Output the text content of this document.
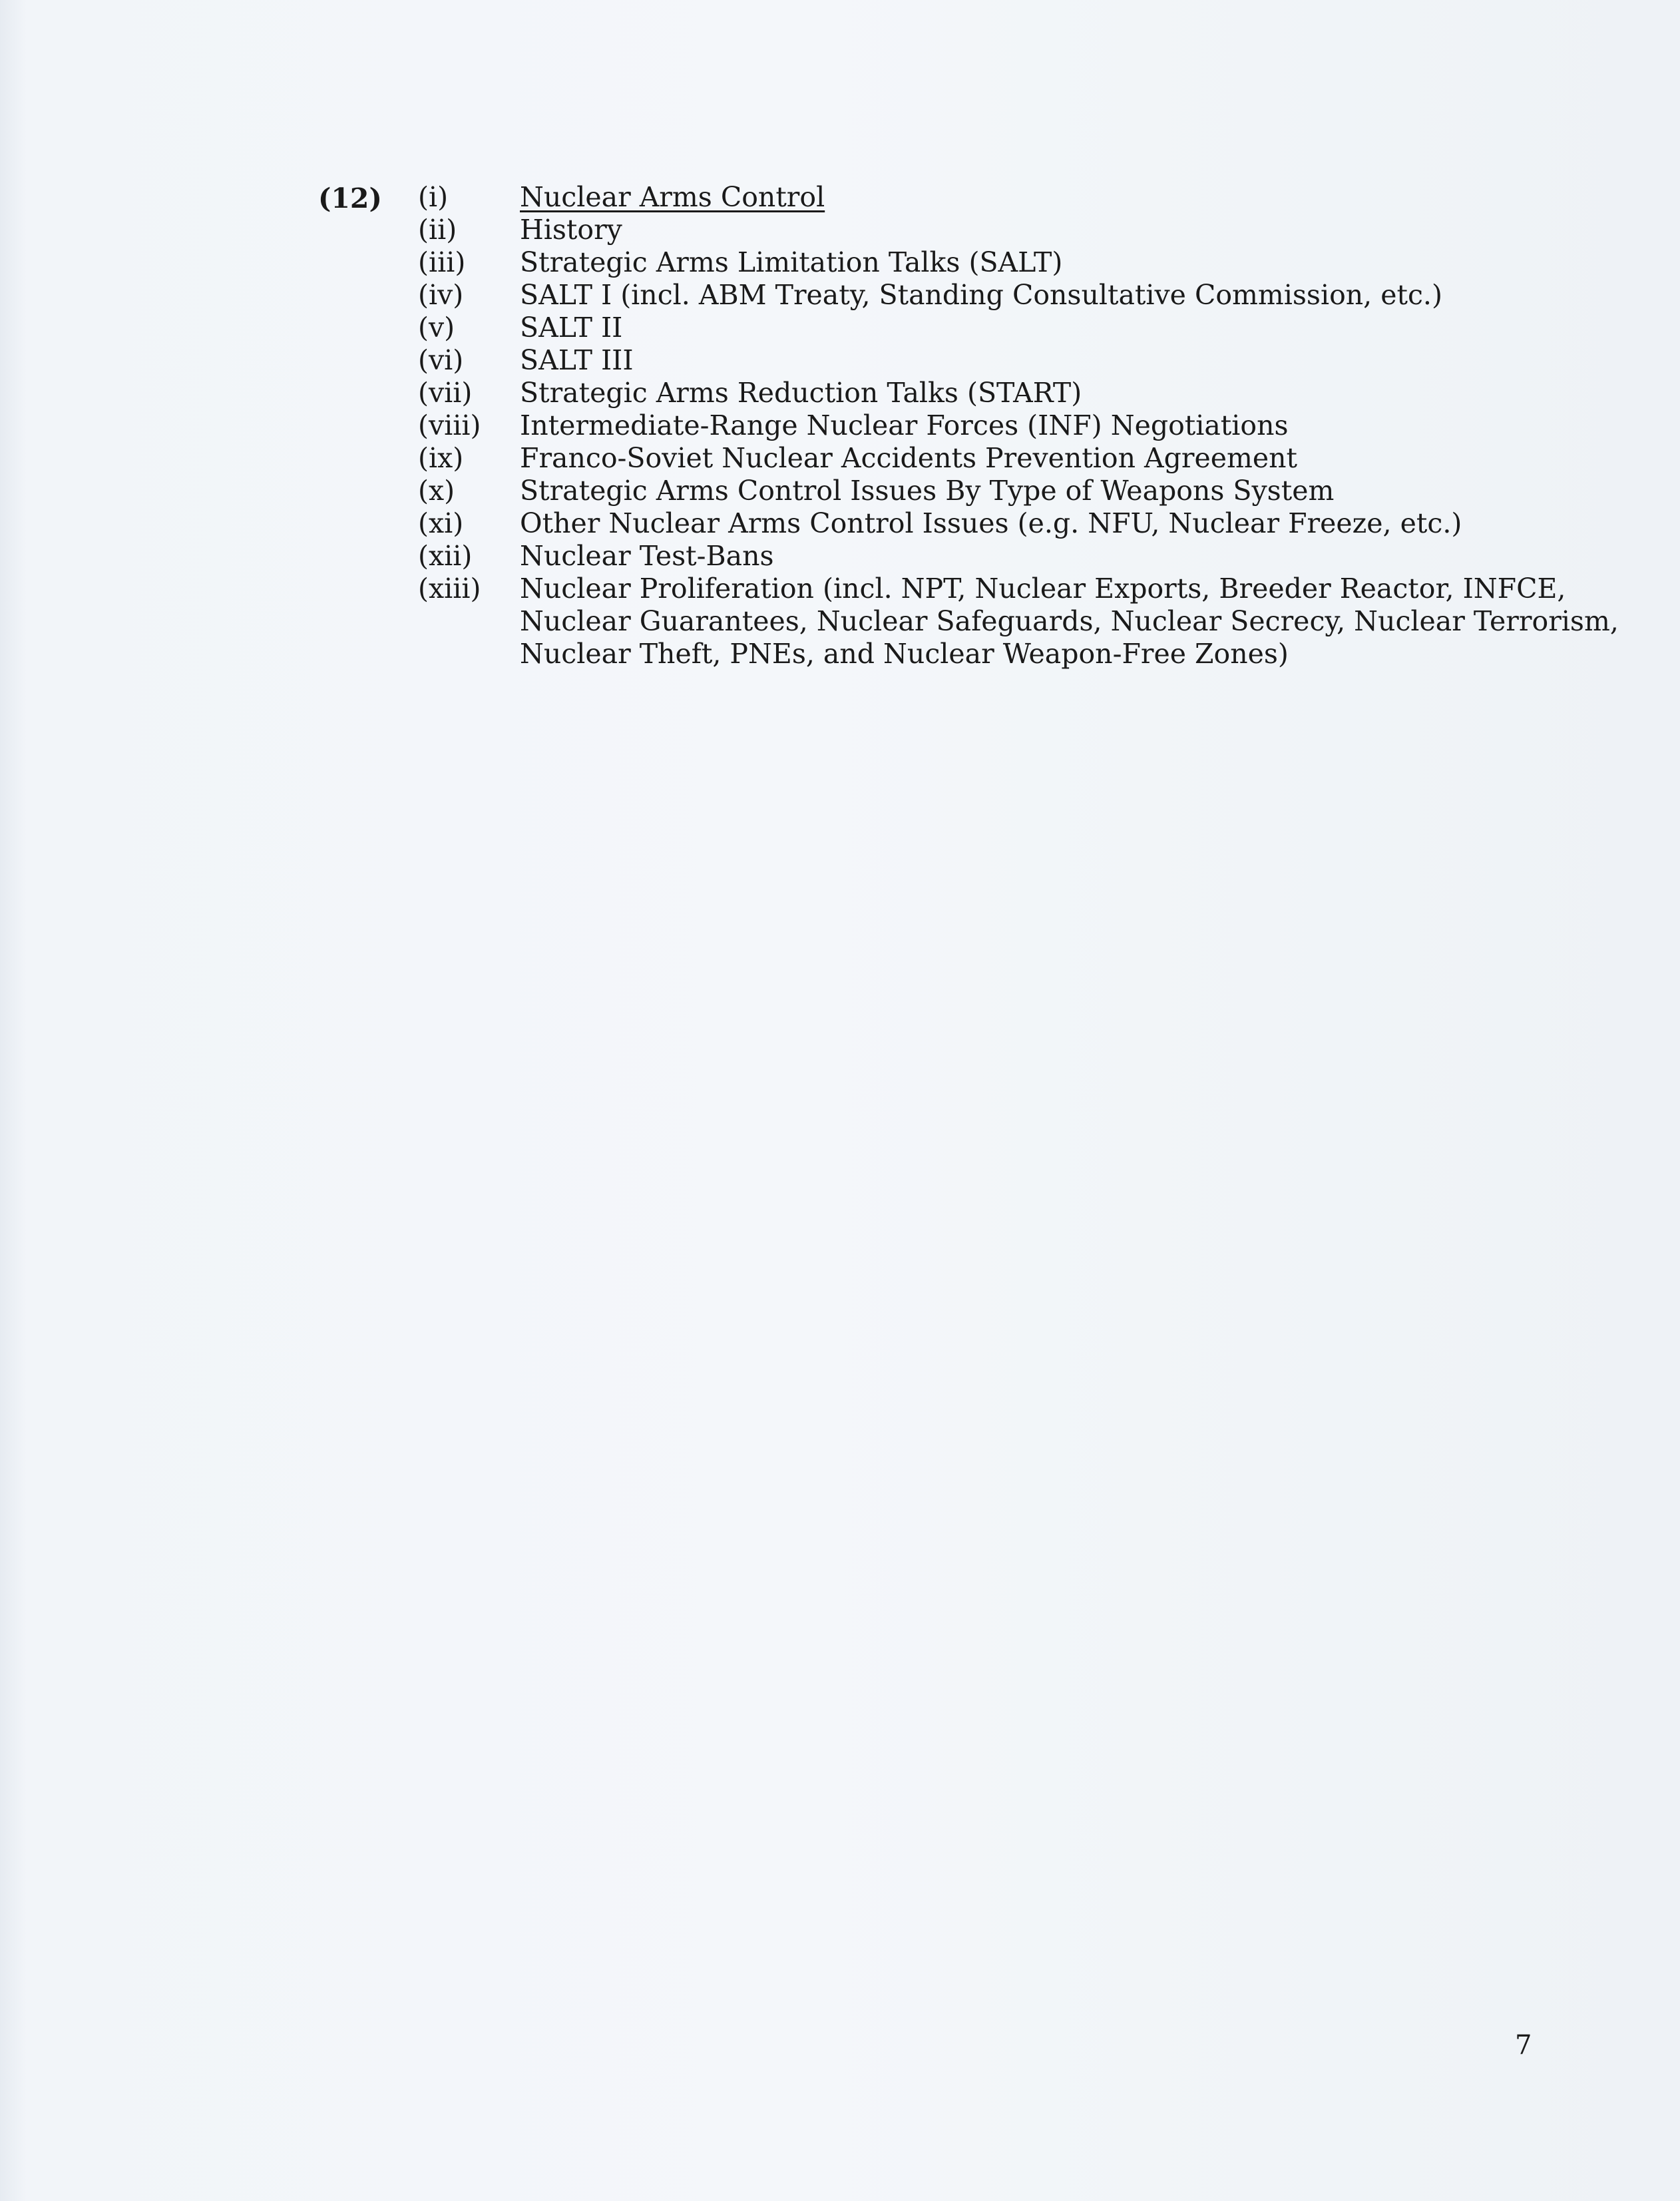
(12) (i)	Nuclear Arms Control
(ii)	History
(iii)	Strategic Arms Limitation Talks (SALT)
(iv)	SALT I (incl. ABM Treaty, Standing Consultative Commission, etc.)
(v)	SALT II
(vi)	SALT III
(vii)	Strategic Arms Reduction Talks (START)
(viii)	Intermediate-Range Nuclear Forces (INF) Negotiations
(ix)	Franco-Soviet Nuclear Accidents Prevention Agreement
(x)	Strategic Arms Control Issues By Type of Weapons System
(xi)	Other Nuclear Arms Control Issues (e.g. NFU, Nuclear Freeze, etc.)
(xii)	Nuclear Test-Bans
(xiii)	Nuclear Proliferation (incl. NPT, Nuclear Exports, Breeder Reactor, INFCE,
Nuclear Guarantees, Nuclear Safeguards, Nuclear Secrecy, Nuclear Terrorism,
Nuclear Theft, PNEs, and Nuclear Weapon-Free Zones)
7
